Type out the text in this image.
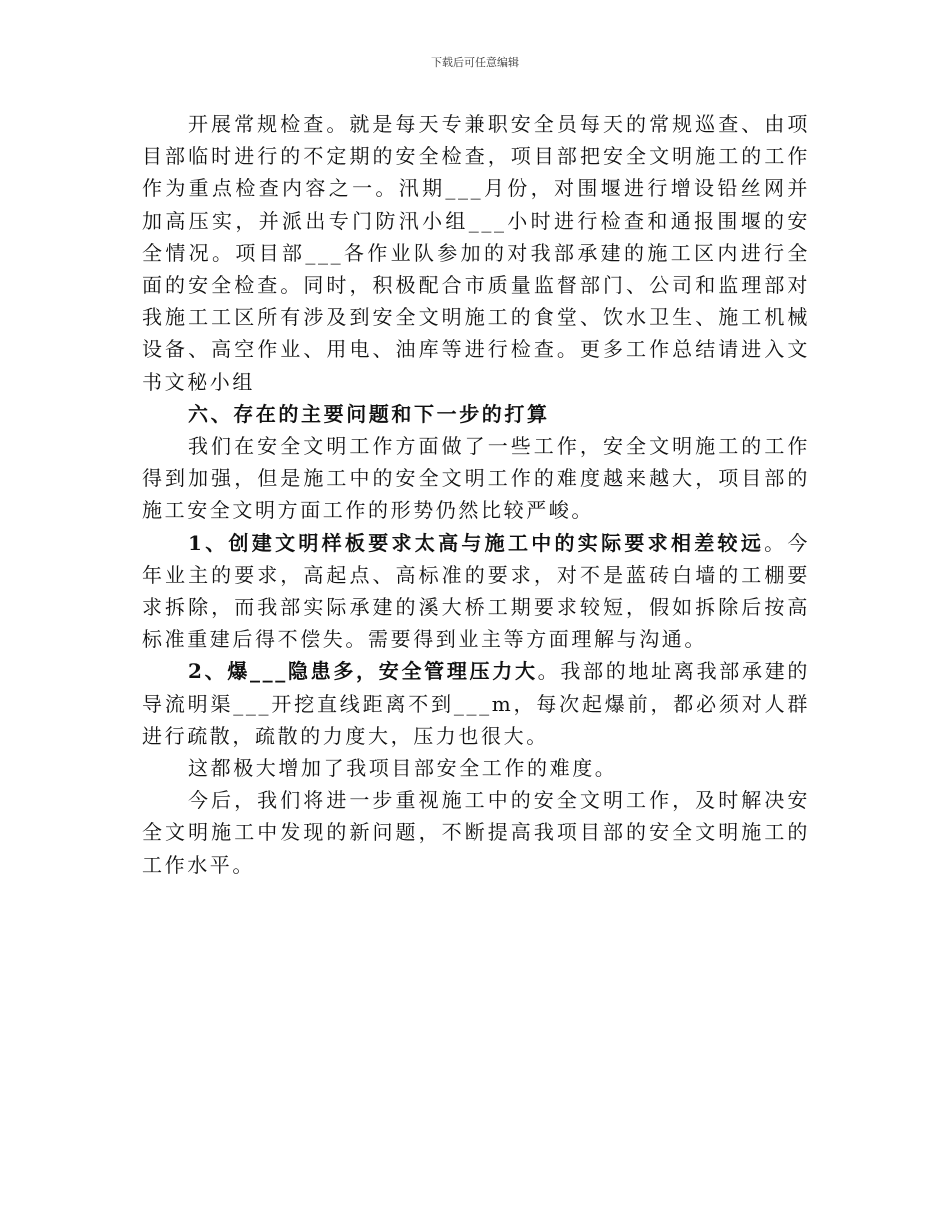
下载后可任意编辑

开展常规检查。就是每天专兼职安全员每天的常规巡查、由项目部临时进行的不定期的安全检查，项目部把安全文明施工的工作作为重点检查内容之一。汛期___月份，对围堰进行增设铅丝网并加高压实，并派出专门防汛小组___小时进行检查和通报围堰的安全情况。项目部___各作业队参加的对我部承建的施工区内进行全面的安全检查。同时，积极配合市质量监督部门、公司和监理部对我施工工区所有涉及到安全文明施工的食堂、饮水卫生、施工机械设备、高空作业、用电、油库等进行检查。更多工作总结请进入文书文秘小组

六、存在的主要问题和下一步的打算

我们在安全文明工作方面做了一些工作，安全文明施工的工作得到加强，但是施工中的安全文明工作的难度越来越大，项目部的施工安全文明方面工作的形势仍然比较严峻。

1、创建文明样板要求太高与施工中的实际要求相差较远。今年业主的要求，高起点、高标准的要求，对不是蓝砖白墙的工棚要求拆除，而我部实际承建的溪大桥工期要求较短，假如拆除后按高标准重建后得不偿失。需要得到业主等方面理解与沟通。

2、爆___隐患多，安全管理压力大。我部的地址离我部承建的导流明渠___开挖直线距离不到___m，每次起爆前，都必须对人群进行疏散，疏散的力度大，压力也很大。

这都极大增加了我项目部安全工作的难度。

今后，我们将进一步重视施工中的安全文明工作，及时解决安全文明施工中发现的新问题，不断提高我项目部的安全文明施工的工作水平。
